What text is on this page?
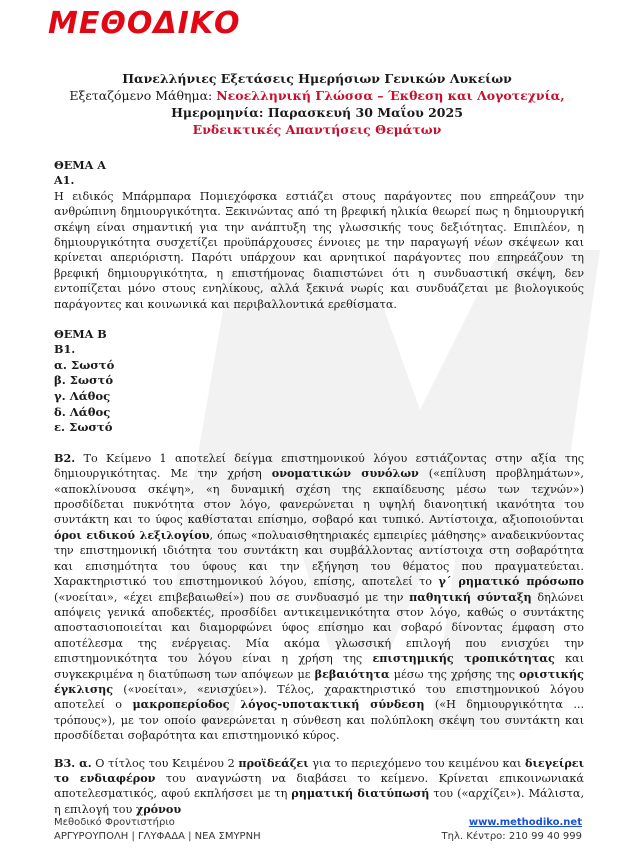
ΜΕΘΟΔΙΚΟ
Πανελλήνιες Εξετάσεις Ημερήσιων Γενικών Λυκείων
Εξεταζόμενο Μάθημα: Νεοελληνική Γλώσσα – Έκθεση και Λογοτεχνία,
Ημερομηνία: Παρασκευή 30 Μαΐου 2025
Ενδεικτικές Απαντήσεις Θεμάτων
ΘΕΜΑ Α
Α1.

Η ειδικός Μπάρμπαρα Πομιεχόφσκα εστιάζει στους παράγοντες που επηρεάζουν την ανθρώπινη δημιουργικότητα. Ξεκινώντας από τη βρεφική ηλικία θεωρεί πως η δημιουργική σκέψη είναι σημαντική για την ανάπτυξη της γλωσσικής τους δεξιότητας. Επιπλέον, η δημιουργικότητα συσχετίζει προϋπάρχουσες έννοιες με την παραγωγή νέων σκέψεων και κρίνεται απεριόριστη. Παρότι υπάρχουν και αρνητικοί παράγοντες που επηρεάζουν τη βρεφική δημιουργικότητα, η επιστήμονας διαπιστώνει ότι η συνδυαστική σκέψη, δεν εντοπίζεται μόνο στους ενηλίκους, αλλά ξεκινά νωρίς και συνδυάζεται με βιολογικούς παράγοντες και κοινωνικά και περιβαλλοντικά ερεθίσματα.

ΘΕΜΑ Β
Β1.
α. Σωστό
β. Σωστό
γ. Λάθος
δ. Λάθος
ε. Σωστό

Β2. Το Κείμενο 1 αποτελεί δείγμα επιστημονικού λόγου εστιάζοντας στην αξία της δημιουργικότητας. Με την χρήση ονοματικών συνόλων («επίλυση προβλημάτων», «αποκλίνουσα σκέψη», «η δυναμική σχέση της εκπαίδευσης μέσω των τεχνών») προσδίδεται πυκνότητα στον λόγο, φανερώνεται η υψηλή διανοητική ικανότητα του συντάκτη και το ύφος καθίσταται επίσημο, σοβαρό και τυπικό. Αντίστοιχα, αξιοποιούνται όροι ειδικού λεξιλογίου, όπως «πολυαισθητηριακές εμπειρίες μάθησης» αναδεικνύοντας την επιστημονική ιδιότητα του συντάκτη και συμβάλλοντας αντίστοιχα στη σοβαρότητα και επισημότητα του ύφους και την εξήγηση του θέματος που πραγματεύεται. Χαρακτηριστικό του επιστημονικού λόγου, επίσης, αποτελεί το γ΄ ρηματικό πρόσωπο («νοείται», «έχει επιβεβαιωθεί») που σε συνδυασμό με την παθητική σύνταξη δηλώνει απόψεις γενικά αποδεκτές, προσδίδει αντικειμενικότητα στον λόγο, καθώς ο συντάκτης αποστασιοποιείται και διαμορφώνει ύφος επίσημο και σοβαρό δίνοντας έμφαση στο αποτέλεσμα της ενέργειας. Μία ακόμα γλωσσική επιλογή που ενισχύει την επιστημονικότητα του λόγου είναι η χρήση της επιστημικής τροπικότητας και συγκεκριμένα η διατύπωση των απόψεων με βεβαιότητα μέσω της χρήσης της οριστικής έγκλισης («νοείται», «ενισχύει»). Τέλος, χαρακτηριστικό του επιστημονικού λόγου αποτελεί ο μακροπερίοδος λόγος-υποτακτική σύνδεση («Η δημιουργικότητα ... τρόπους»), με τον οποίο φανερώνεται η σύνθεση και πολύπλοκη σκέψη του συντάκτη και προσδίδεται σοβαρότητα και επιστημονικό κύρος.

Β3. α. Ο τίτλος του Κειμένου 2 προϊδεάζει για το περιεχόμενο του κειμένου και διεγείρει το ενδιαφέρον του αναγνώστη να διαβάσει το κείμενο. Κρίνεται επικοινωνιακά αποτελεσματικός, αφού εκπλήσσει με τη ρηματική διατύπωσή του («αρχίζει»). Μάλιστα, η επιλογή του χρόνου

Μεθοδικό Φροντιστήριο
ΑΡΓΥΡΟΥΠΟΛΗ | ΓΛΥΦΑΔΑ | ΝΕΑ ΣΜΥΡΝΗ
www.methodiko.net
Τηλ. Κέντρο: 210 99 40 999
